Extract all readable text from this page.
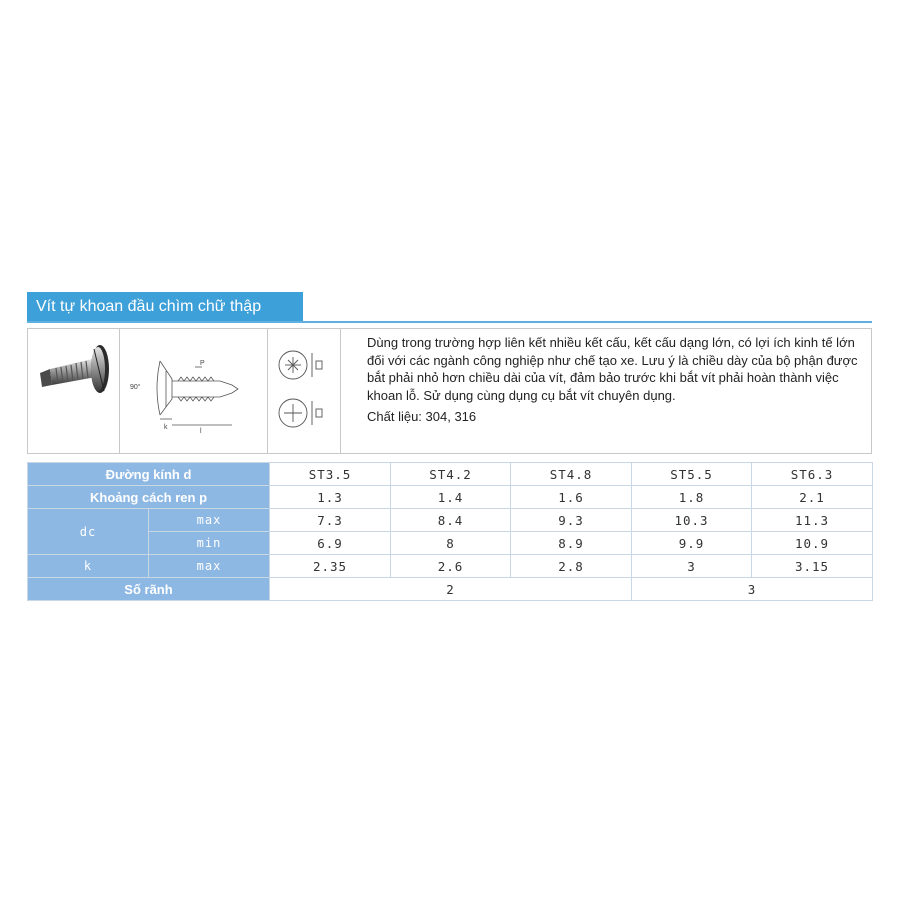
Vít tự khoan đầu chìm chữ thập
90°
P
l
k

Dùng trong trường hợp liên kết nhiều kết cấu, kết cấu dạng lớn, có lợi ích kinh tế lớn đối với các ngành công nghiệp như chế tạo xe. Lưu ý là chiều dày của bộ phận được bắt phải nhỏ hơn chiều dài của vít, đảm bảo trước khi bắt vít phải hoàn thành việc khoan lỗ. Sử dụng cùng dụng cụ bắt vít chuyên dụng.

Chất liệu: 304, 316

Đường kính d		ST3.5	ST4.2	ST4.8	ST5.5	ST6.3
Khoảng cách ren p		1.3	1.4	1.6	1.8	2.1
dc	max	7.3	8.4	9.3	10.3	11.3
	min	6.9	8	8.9	9.9	10.9
k	max	2.35	2.6	2.8	3	3.15
Số rãnh		2			3	
